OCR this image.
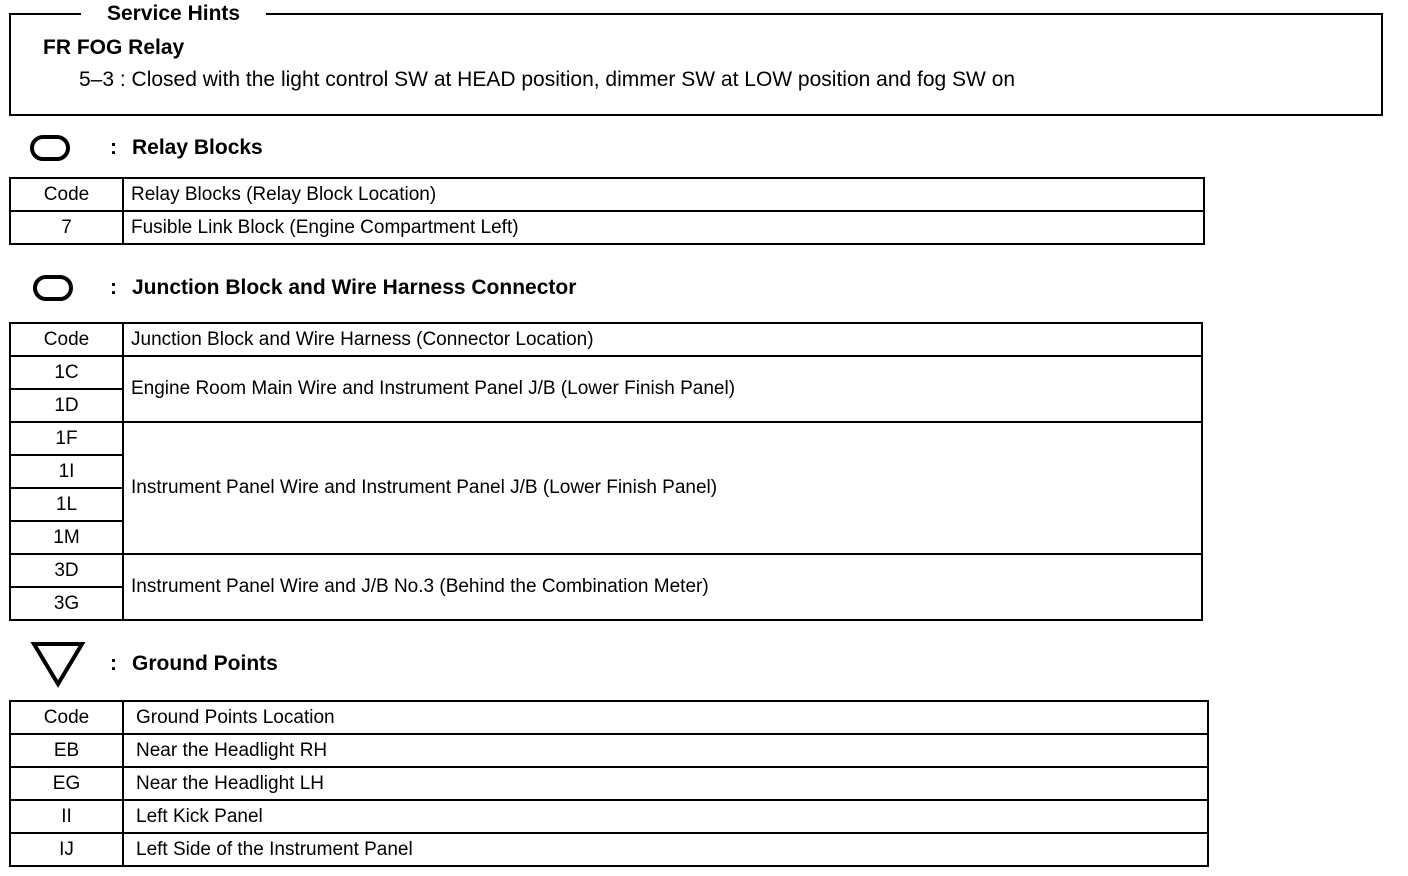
Service Hints
FR FOG Relay
5–3 : Closed with the light control SW at HEAD position, dimmer SW at LOW position and fog SW on
: Relay Blocks
Code	Relay Blocks (Relay Block Location)
7	Fusible Link Block (Engine Compartment Left)
: Junction Block and Wire Harness Connector
Code	Junction Block and Wire Harness (Connector Location)
1C	Engine Room Main Wire and Instrument Panel J/B (Lower Finish Panel)
1D	
1F	Instrument Panel Wire and Instrument Panel J/B (Lower Finish Panel)
1I	
1L	
1M	
3D	Instrument Panel Wire and J/B No.3 (Behind the Combination Meter)
3G	
: Ground Points
Code	Ground Points Location
EB	Near the Headlight RH
EG	Near the Headlight LH
II	Left Kick Panel
IJ	Left Side of the Instrument Panel
